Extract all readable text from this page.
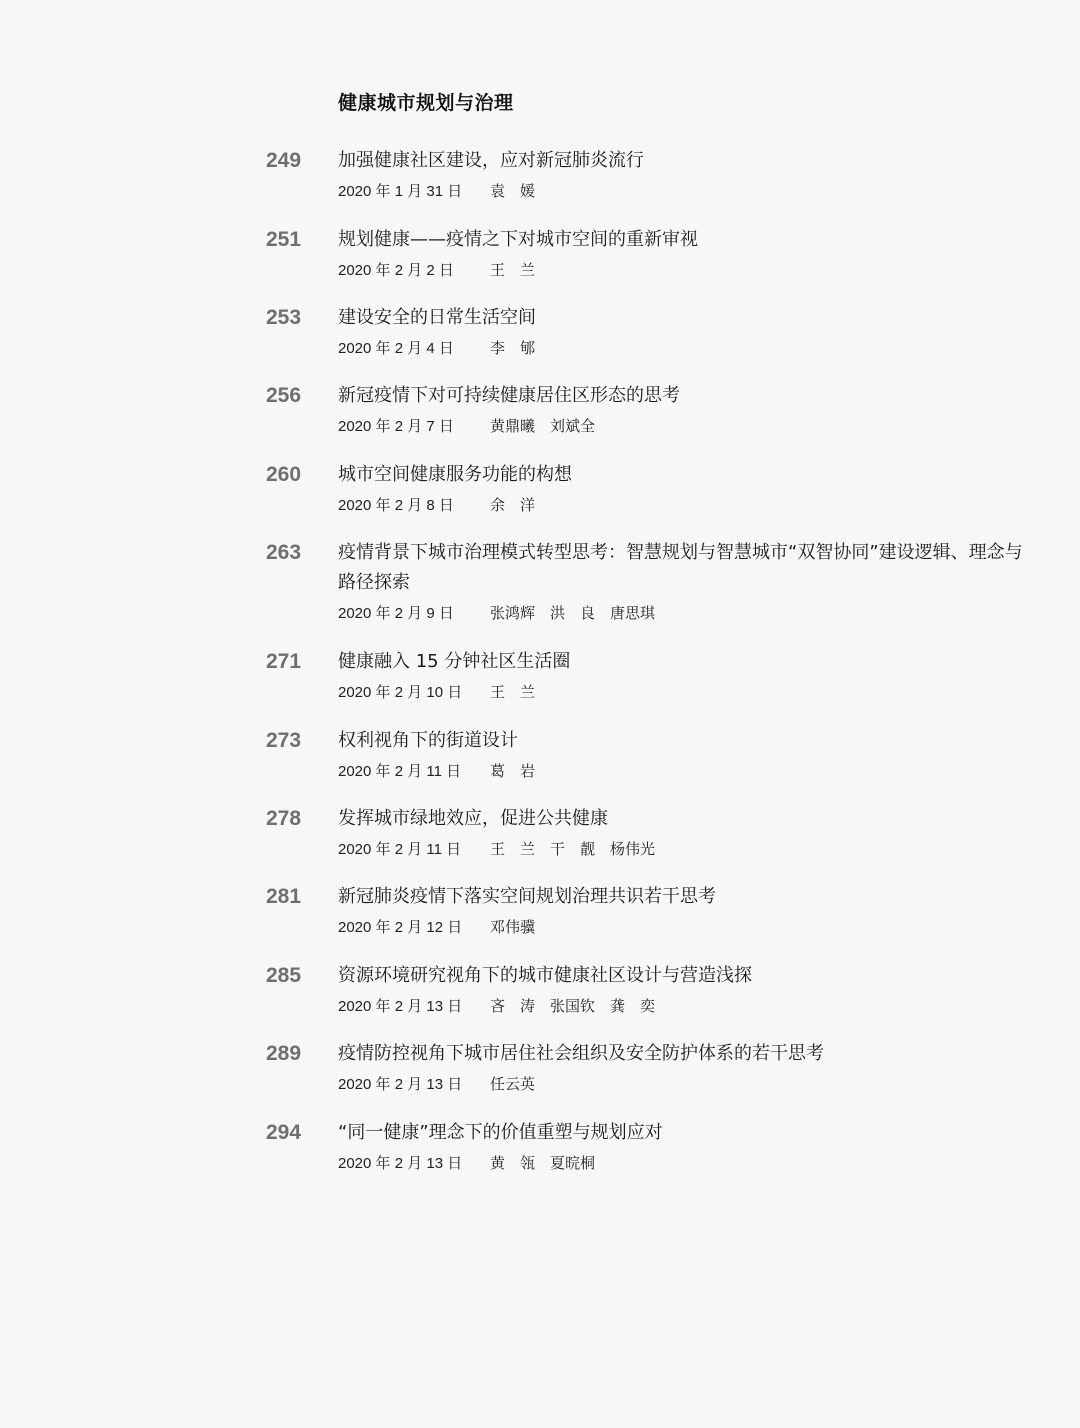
健康城市规划与治理
249	加强健康社区建设，应对新冠肺炎流行
2020 年 1 月 31 日 袁　媛
251	规划健康——疫情之下对城市空间的重新审视
2020 年 2 月 2 日 王　兰
253	建设安全的日常生活空间
2020 年 2 月 4 日 李　郇
256	新冠疫情下对可持续健康居住区形态的思考
2020 年 2 月 7 日 黄鼎曦　刘斌全
260	城市空间健康服务功能的构想
2020 年 2 月 8 日 余　洋
263	疫情背景下城市治理模式转型思考：智慧规划与智慧城市“双智协同”建设逻辑、理念与路径探索
2020 年 2 月 9 日 张鸿辉　洪　良　唐思琪
271	健康融入 15 分钟社区生活圈
2020 年 2 月 10 日 王　兰
273	权利视角下的街道设计
2020 年 2 月 11 日 葛　岩
278	发挥城市绿地效应，促进公共健康
2020 年 2 月 11 日 王　兰　干　靓　杨伟光
281	新冠肺炎疫情下落实空间规划治理共识若干思考
2020 年 2 月 12 日 邓伟骥
285	资源环境研究视角下的城市健康社区设计与营造浅探
2020 年 2 月 13 日 吝　涛　张国钦　龚　奕
289	疫情防控视角下城市居住社会组织及安全防护体系的若干思考
2020 年 2 月 13 日 任云英
294	“同一健康”理念下的价值重塑与规划应对
2020 年 2 月 13 日 黄　瓴　夏晥桐
